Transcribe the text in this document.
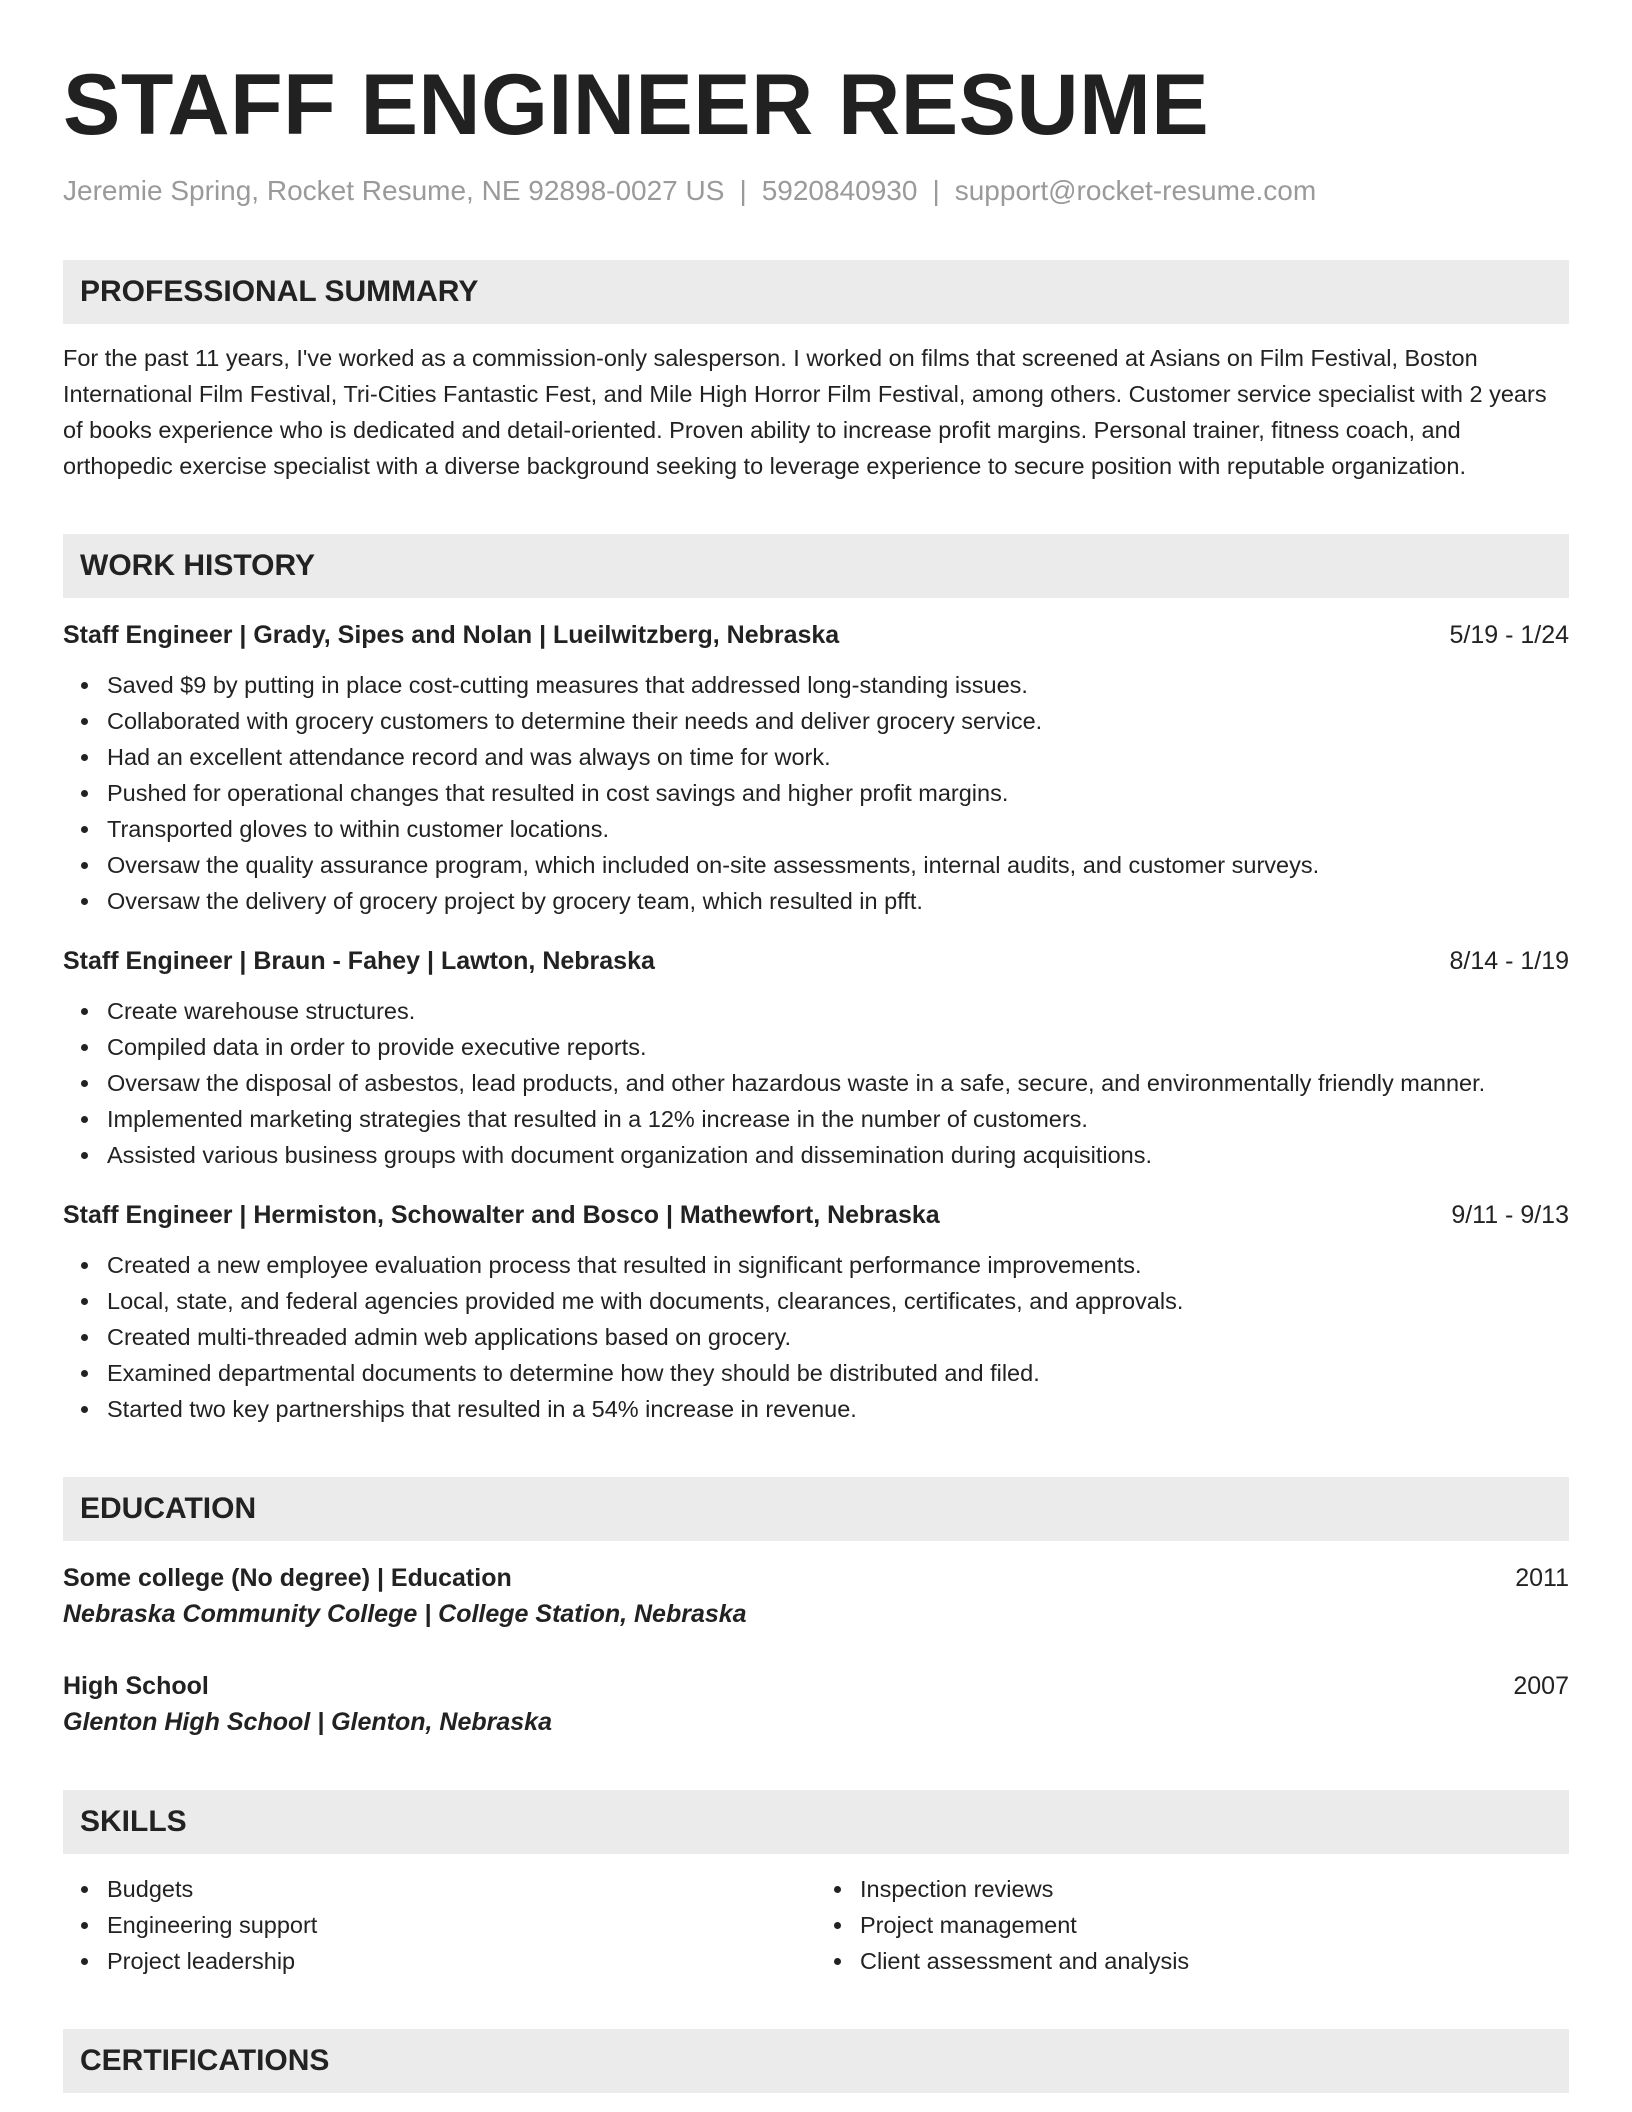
STAFF ENGINEER RESUME
Jeremie Spring, Rocket Resume, NE 92898-0027 US | 5920840930 | support@rocket-resume.com
PROFESSIONAL SUMMARY
For the past 11 years, I've worked as a commission-only salesperson. I worked on films that screened at Asians on Film Festival, Boston International Film Festival, Tri-Cities Fantastic Fest, and Mile High Horror Film Festival, among others. Customer service specialist with 2 years of books experience who is dedicated and detail-oriented. Proven ability to increase profit margins. Personal trainer, fitness coach, and orthopedic exercise specialist with a diverse background seeking to leverage experience to secure position with reputable organization.
WORK HISTORY
Staff Engineer | Grady, Sipes and Nolan | Lueilwitzberg, Nebraska	5/19 - 1/24
Saved $9 by putting in place cost-cutting measures that addressed long-standing issues.
Collaborated with grocery customers to determine their needs and deliver grocery service.
Had an excellent attendance record and was always on time for work.
Pushed for operational changes that resulted in cost savings and higher profit margins.
Transported gloves to within customer locations.
Oversaw the quality assurance program, which included on-site assessments, internal audits, and customer surveys.
Oversaw the delivery of grocery project by grocery team, which resulted in pfft.
Staff Engineer | Braun - Fahey | Lawton, Nebraska	8/14 - 1/19
Create warehouse structures.
Compiled data in order to provide executive reports.
Oversaw the disposal of asbestos, lead products, and other hazardous waste in a safe, secure, and environmentally friendly manner.
Implemented marketing strategies that resulted in a 12% increase in the number of customers.
Assisted various business groups with document organization and dissemination during acquisitions.
Staff Engineer | Hermiston, Schowalter and Bosco | Mathewfort, Nebraska	9/11 - 9/13
Created a new employee evaluation process that resulted in significant performance improvements.
Local, state, and federal agencies provided me with documents, clearances, certificates, and approvals.
Created multi-threaded admin web applications based on grocery.
Examined departmental documents to determine how they should be distributed and filed.
Started two key partnerships that resulted in a 54% increase in revenue.
EDUCATION
Some college (No degree) | Education	2011
Nebraska Community College | College Station, Nebraska
High School	2007
Glenton High School | Glenton, Nebraska
SKILLS
Budgets
Engineering support
Project leadership
Inspection reviews
Project management
Client assessment and analysis
CERTIFICATIONS
